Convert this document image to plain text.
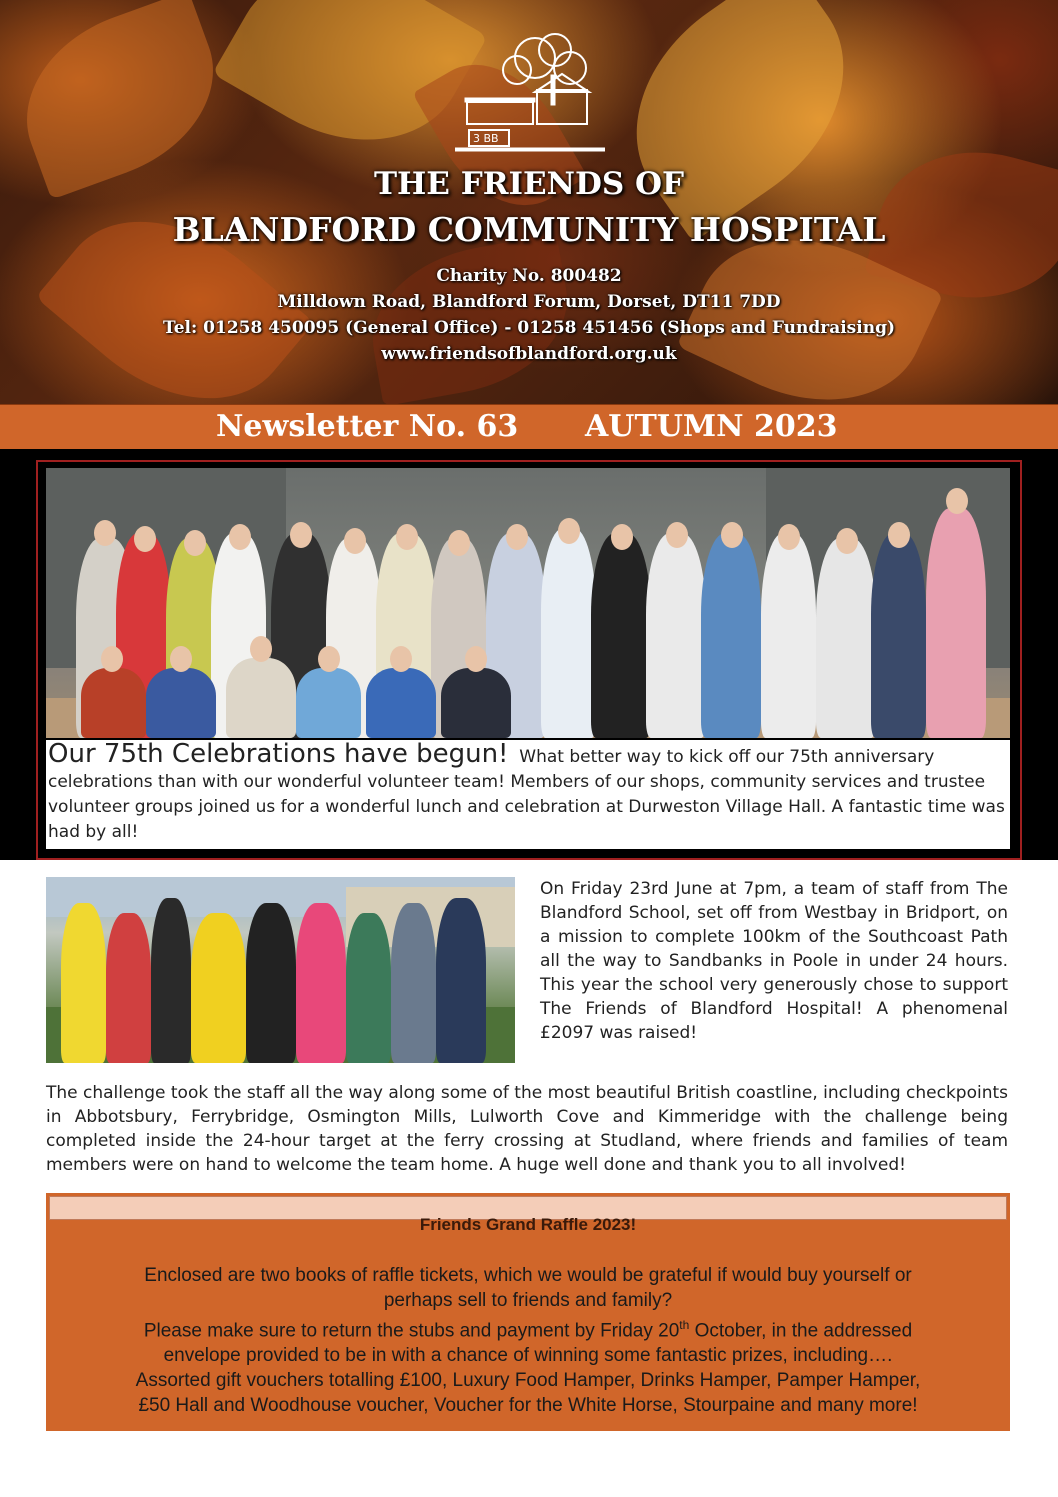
3 BB
THE FRIENDS OF
BLANDFORD COMMUNITY HOSPITAL
Charity No. 800482
Milldown Road, Blandford Forum, Dorset, DT11 7DD
Tel: 01258 450095 (General Office) - 01258 451456 (Shops and Fundraising)
www.friendsofblandford.org.uk
Newsletter No. 63 AUTUMN 2023
Our 75th Celebrations have begun! What better way to kick off our 75th anniversary celebrations than with our wonderful volunteer team! Members of our shops, community services and trustee volunteer groups joined us for a wonderful lunch and celebration at Durweston Village Hall. A fantastic time was had by all!
On Friday 23rd June at 7pm, a team of staff from The Blandford School, set off from Westbay in Bridport, on a mission to complete 100km of the Southcoast Path all the way to Sandbanks in Poole in under 24 hours. This year the school very generously chose to support The Friends of Blandford Hospital! A phenomenal £2097 was raised!
The challenge took the staff all the way along some of the most beautiful British coastline, including checkpoints in Abbotsbury, Ferrybridge, Osmington Mills, Lulworth Cove and Kimmeridge with the challenge being completed inside the 24-hour target at the ferry crossing at Studland, where friends and families of team members were on hand to welcome the team home. A huge well done and thank you to all involved!
Friends Grand Raffle 2023!
Enclosed are two books of raffle tickets, which we would be grateful if would buy yourself or
perhaps sell to friends and family?
Please make sure to return the stubs and payment by Friday 20th October, in the addressed
envelope provided to be in with a chance of winning some fantastic prizes, including….
Assorted gift vouchers totalling £100, Luxury Food Hamper, Drinks Hamper, Pamper Hamper,
£50 Hall and Woodhouse voucher, Voucher for the White Horse, Stourpaine and many more!
